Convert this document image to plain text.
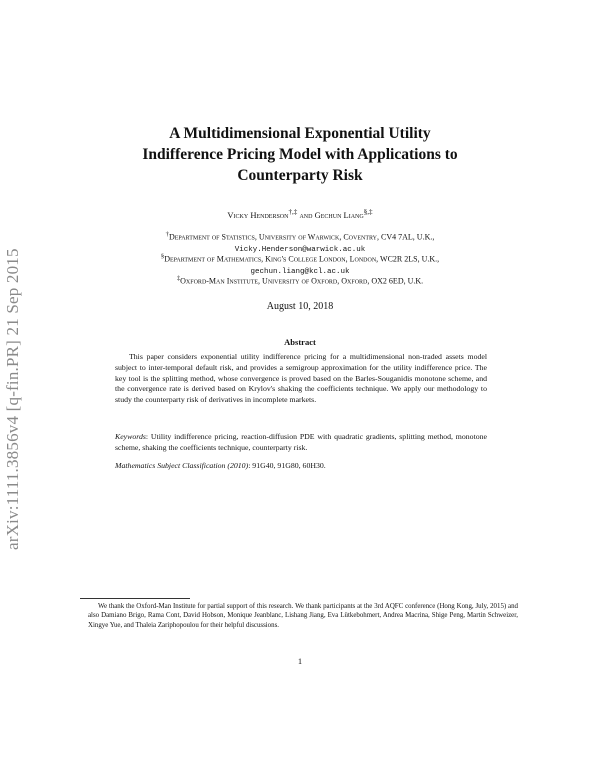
arXiv:1111.3856v4 [q-fin.PR] 21 Sep 2015
A Multidimensional Exponential Utility
Indifference Pricing Model with Applications to
Counterparty Risk
Vicky Henderson†,‡ and Gechun Liang§,‡
†Department of Statistics, University of Warwick, Coventry, CV4 7AL, U.K.,
Vicky.Henderson@warwick.ac.uk
§Department of Mathematics, King's College London, London, WC2R 2LS, U.K.,
gechun.liang@kcl.ac.uk
‡Oxford-Man Institute, University of Oxford, Oxford, OX2 6ED, U.K.
August 10, 2018
Abstract
This paper considers exponential utility indifference pricing for a multidimensional non-traded assets model subject to inter-temporal default risk, and provides a semigroup approximation for the utility indifference price. The key tool is the splitting method, whose convergence is proved based on the Barles-Souganidis monotone scheme, and the convergence rate is derived based on Krylov's shaking the coefficients technique. We apply our methodology to study the counterparty risk of derivatives in incomplete markets.
Keywords: Utility indifference pricing, reaction-diffusion PDE with quadratic gradients, splitting method, monotone scheme, shaking the coefficients technique, counterparty risk.
Mathematics Subject Classification (2010): 91G40, 91G80, 60H30.
We thank the Oxford-Man Institute for partial support of this research. We thank participants at the 3rd AQFC conference (Hong Kong, July, 2015) and also Damiano Brigo, Rama Cont, David Hobson, Monique Jeanblanc, Lishang Jiang, Eva Lütkebohmert, Andrea Macrina, Shige Peng, Martin Schweizer, Xingye Yue, and Thaleia Zariphopoulou for their helpful discussions.
1
